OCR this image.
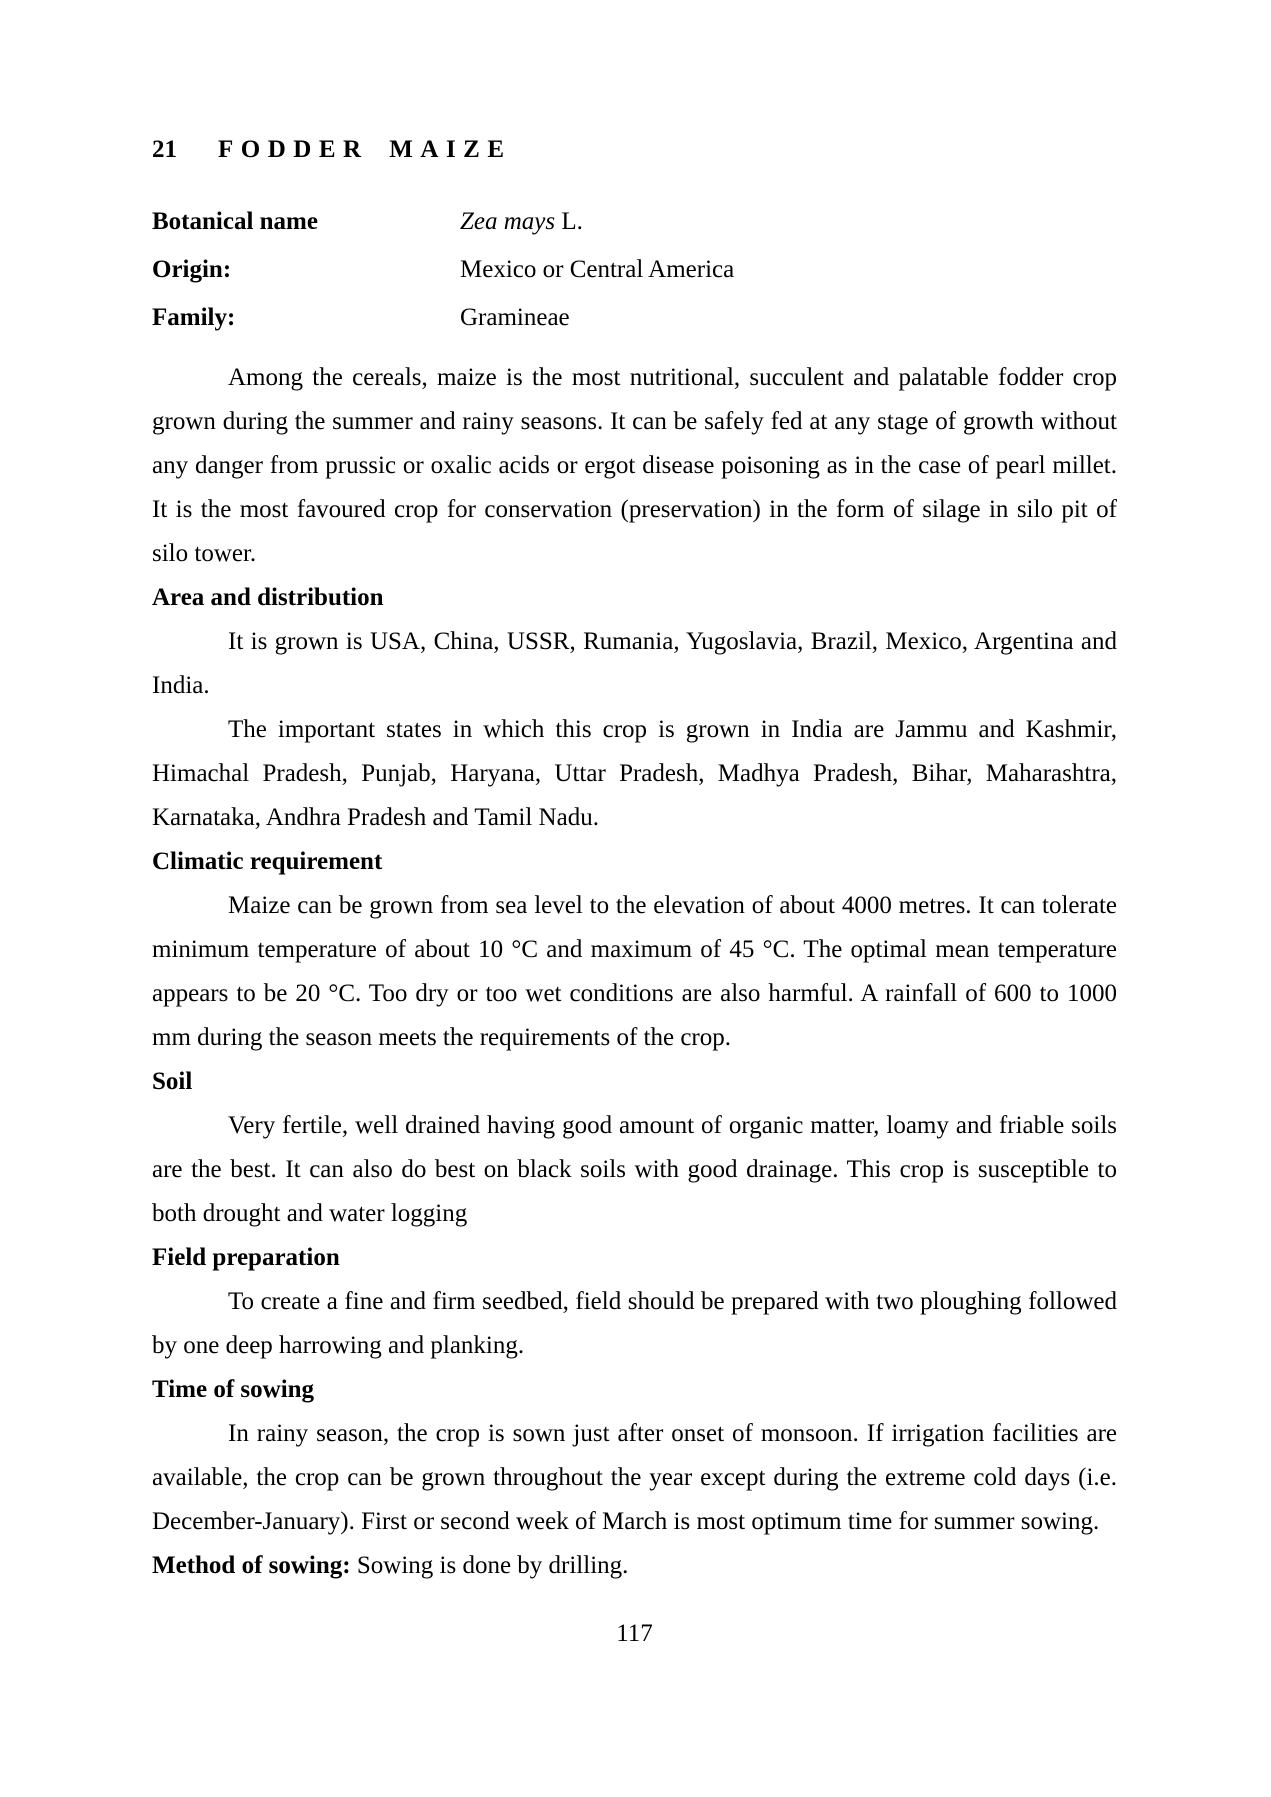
21 FODDER MAIZE
Botanical name	Zea mays L.
Origin:	Mexico or Central America
Family:	Gramineae

Among the cereals, maize is the most nutritional, succulent and palatable fodder crop grown during the summer and rainy seasons. It can be safely fed at any stage of growth without any danger from prussic or oxalic acids or ergot disease poisoning as in the case of pearl millet. It is the most favoured crop for conservation (preservation) in the form of silage in silo pit of silo tower.

Area and distribution

It is grown is USA, China, USSR, Rumania, Yugoslavia, Brazil, Mexico, Argentina and India.

The important states in which this crop is grown in India are Jammu and Kashmir, Himachal Pradesh, Punjab, Haryana, Uttar Pradesh, Madhya Pradesh, Bihar, Maharashtra, Karnataka, Andhra Pradesh and Tamil Nadu.

Climatic requirement

Maize can be grown from sea level to the elevation of about 4000 metres. It can tolerate minimum temperature of about 10 °C and maximum of 45 °C. The optimal mean temperature appears to be 20 °C. Too dry or too wet conditions are also harmful. A rainfall of 600 to 1000 mm during the season meets the requirements of the crop.

Soil

Very fertile, well drained having good amount of organic matter, loamy and friable soils are the best. It can also do best on black soils with good drainage. This crop is susceptible to both drought and water logging

Field preparation

To create a fine and firm seedbed, field should be prepared with two ploughing followed by one deep harrowing and planking.

Time of sowing

In rainy season, the crop is sown just after onset of monsoon. If irrigation facilities are available, the crop can be grown throughout the year except during the extreme cold days (i.e. December-January). First or second week of March is most optimum time for summer sowing.

Method of sowing: Sowing is done by drilling.

117
